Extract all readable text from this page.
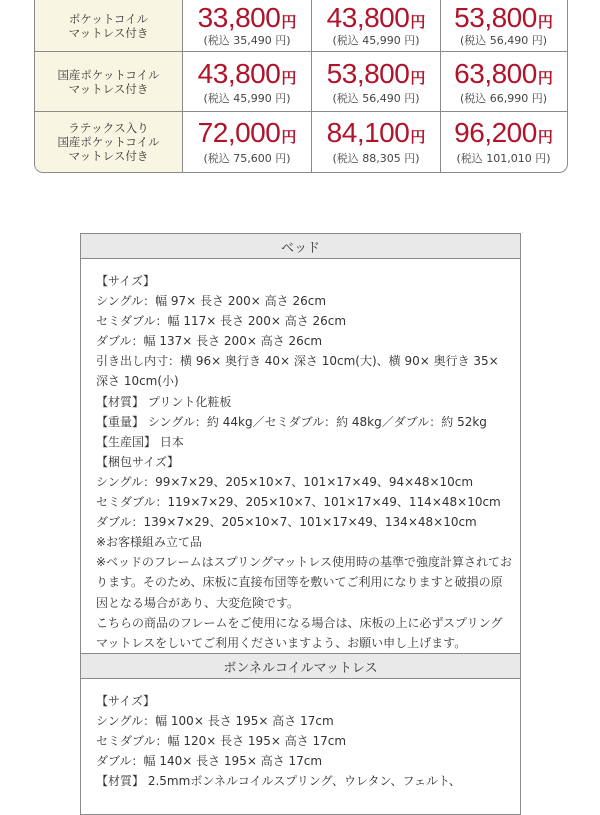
ポケットコイル
マットレス付き	33,800円
(税込 35,490 円)
43,800円
(税込 45,990 円)
53,800円
(税込 56,490 円)
国産ポケットコイル
マットレス付き	43,800円
(税込 45,990 円)
53,800円
(税込 56,490 円)
63,800円
(税込 66,990 円)
ラテックス入り
国産ポケットコイル
マットレス付き
72,000円
(税込 75,600 円)
84,100円
(税込 88,305 円)
96,200円
(税込 101,010 円)
ベッド
【サイズ】
シングル：幅 97× 長さ 200× 高さ 26cm
セミダブル：幅 117× 長さ 200× 高さ 26cm
ダブル：幅 137× 長さ 200× 高さ 26cm
引き出し内寸：横 96× 奥行き 40× 深さ 10cm(大)、横 90× 奥行き 35×
深さ 10cm(小)
【材質】 プリント化粧板
【重量】 シングル：約 44kg／セミダブル：約 48kg／ダブル：約 52kg
【生産国】 日本
【梱包サイズ】
シングル：99×7×29、205×10×7、101×17×49、94×48×10cm
セミダブル：119×7×29、205×10×7、101×17×49、114×48×10cm
ダブル：139×7×29、205×10×7、101×17×49、134×48×10cm
※お客様組み立て品
※ベッドのフレームはスプリングマットレス使用時の基準で強度計算されてお
ります。そのため、床板に直接布団等を敷いてご利用になりますと破損の原
因となる場合があり、大変危険です。
こちらの商品のフレームをご使用になる場合は、床板の上に必ずスプリング
マットレスをしいてご利用くださいますよう、お願い申し上げます。
ボンネルコイルマットレス
【サイズ】
シングル：幅 100× 長さ 195× 高さ 17cm
セミダブル：幅 120× 長さ 195× 高さ 17cm
ダブル：幅 140× 長さ 195× 高さ 17cm
【材質】 2.5mmボンネルコイルスプリング、ウレタン、フェルト、
